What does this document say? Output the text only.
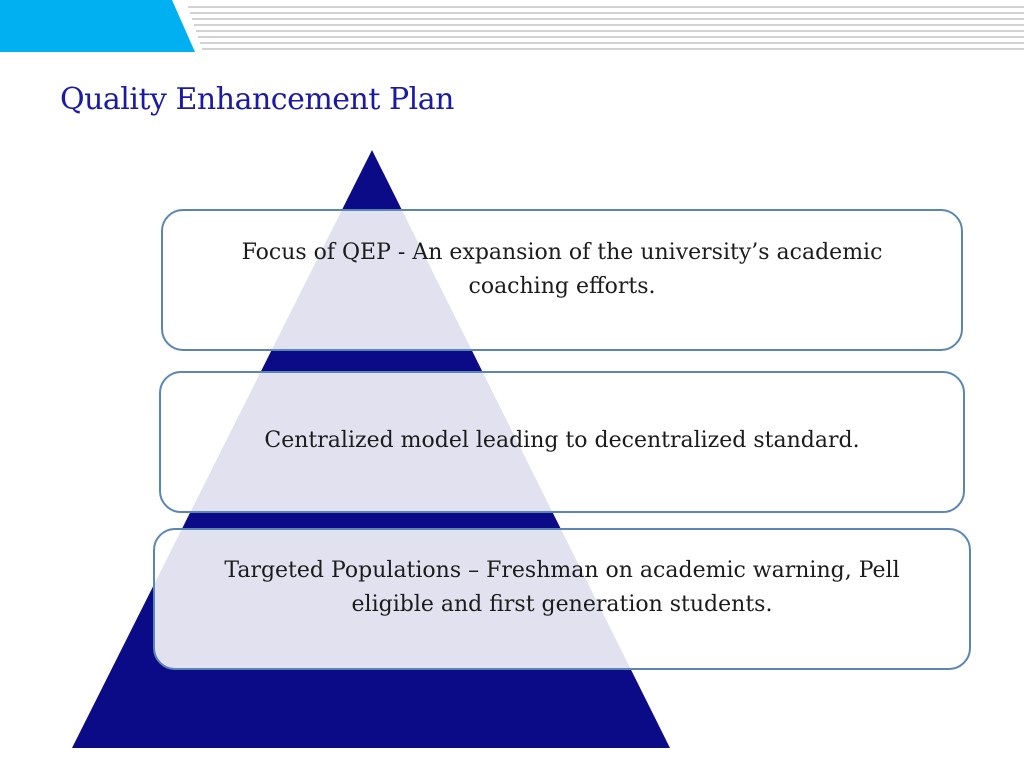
Quality Enhancement Plan
Focus of QEP - An expansion of the university’s academic coaching efforts.
Centralized model leading to decentralized standard.
Targeted Populations – Freshman on academic warning, Pell eligible and first generation students.
